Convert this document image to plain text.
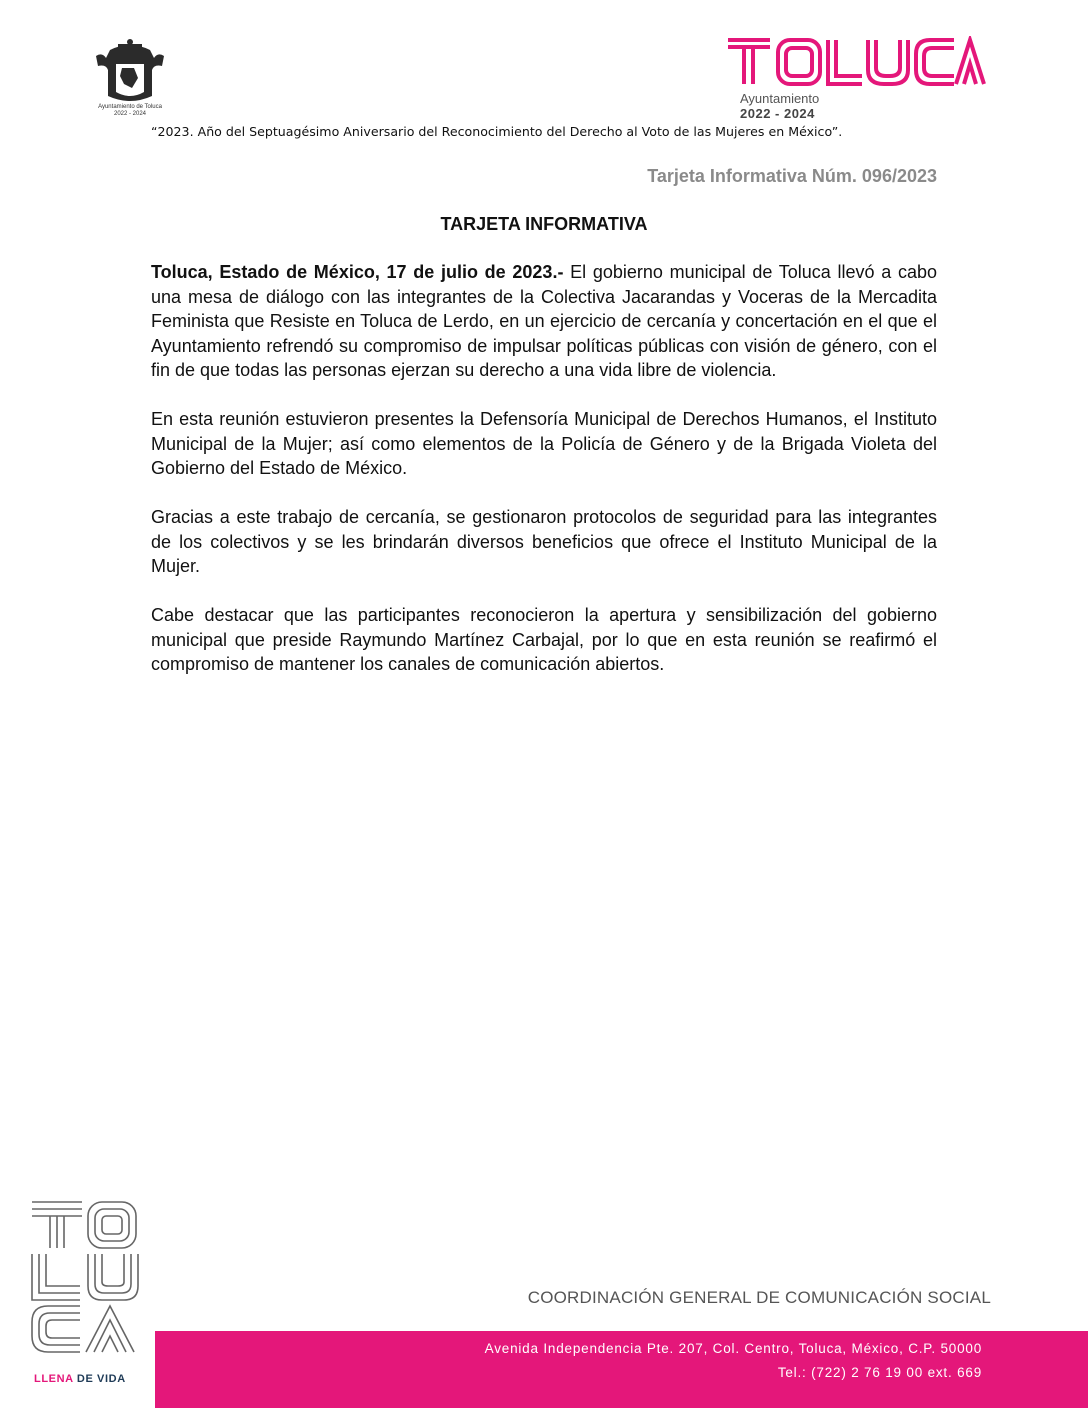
Ayuntamiento de Toluca
2022 - 2024
TOLUCA
Ayuntamiento
2022 - 2024
“2023. Año del Septuagésimo Aniversario del Reconocimiento del Derecho al Voto de las Mujeres en México”.
Tarjeta Informativa Núm. 096/2023
TARJETA INFORMATIVA

Toluca, Estado de México, 17 de julio de 2023.- El gobierno municipal de Toluca llevó a cabo una mesa de diálogo con las integrantes de la Colectiva Jacarandas y Voceras de la Mercadita Feminista que Resiste en Toluca de Lerdo, en un ejercicio de cercanía y concertación en el que el Ayuntamiento refrendó su compromiso de impulsar políticas públicas con visión de género, con el fin de que todas las personas ejerzan su derecho a una vida libre de violencia.

En esta reunión estuvieron presentes la Defensoría Municipal de Derechos Humanos, el Instituto Municipal de la Mujer; así como elementos de la Policía de Género y de la Brigada Violeta del Gobierno del Estado de México.

Gracias a este trabajo de cercanía, se gestionaron protocolos de seguridad para las integrantes de los colectivos y se les brindarán diversos beneficios que ofrece el Instituto Municipal de la Mujer.

Cabe destacar que las participantes reconocieron la apertura y sensibilización del gobierno municipal que preside Raymundo Martínez Carbajal, por lo que en esta reunión se reafirmó el compromiso de mantener los canales de comunicación abiertos.

LLENA DE VIDA
COORDINACIÓN GENERAL DE COMUNICACIÓN SOCIAL
Avenida Independencia Pte. 207, Col. Centro, Toluca, México, C.P. 50000
Tel.: (722) 2 76 19 00 ext. 669
